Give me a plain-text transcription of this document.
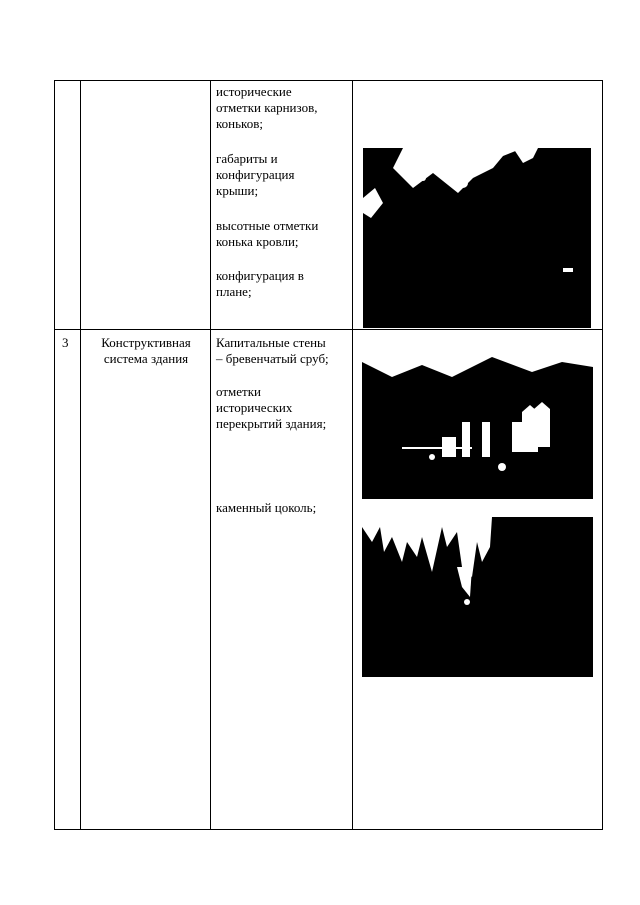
исторические
отметки карнизов,
коньков;
габариты и
конфигурация
крыши;
высотные отметки
конька кровли;
конфигурация в
плане;
3	Конструктивная
система здания
Капитальные стены
– бревенчатый сруб;
отметки
исторических
перекрытий здания;
каменный цоколь;
